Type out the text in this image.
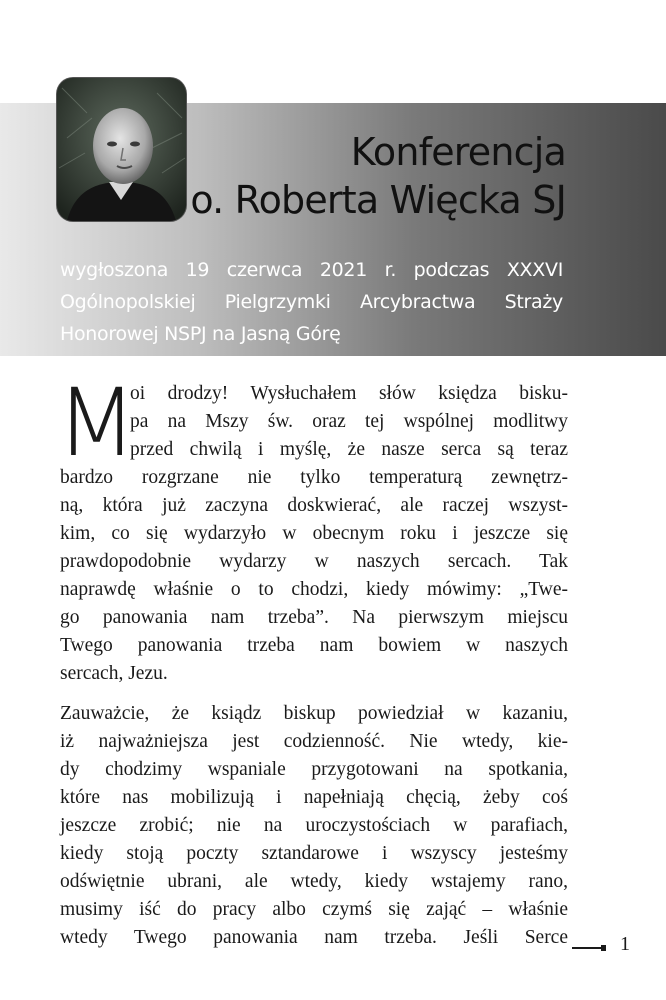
Konferencja
o. Roberta Więcka SJ
wygłoszona 19 czerwca 2021 r. podczas XXXVI
Ogólnopolskiej Pielgrzymki Arcybractwa Straży
Honorowej NSPJ na Jasną Górę
M
oi drodzy! Wysłuchałem słów księdza bisku-
pa na Mszy św. oraz tej wspólnej modlitwy
przed chwilą i myślę, że nasze serca są teraz
bardzo rozgrzane nie tylko temperaturą zewnętrz-
ną, która już zaczyna doskwierać, ale raczej wszyst-
kim, co się wydarzyło w obecnym roku i jeszcze się
prawdopodobnie wydarzy w naszych sercach. Tak
naprawdę właśnie o to chodzi, kiedy mówimy: „Twe-
go panowania nam trzeba”. Na pierwszym miejscu
Twego panowania trzeba nam bowiem w naszych
sercach, Jezu.
Zauważcie, że ksiądz biskup powiedział w kazaniu,
iż najważniejsza jest codzienność. Nie wtedy, kie-
dy chodzimy wspaniale przygotowani na spotkania,
które nas mobilizują i napełniają chęcią, żeby coś
jeszcze zrobić; nie na uroczystościach w parafiach,
kiedy stoją poczty sztandarowe i wszyscy jesteśmy
odświętnie ubrani, ale wtedy, kiedy wstajemy rano,
musimy iść do pracy albo czymś się zająć – właśnie
wtedy Twego panowania nam trzeba. Jeśli Serce	1
